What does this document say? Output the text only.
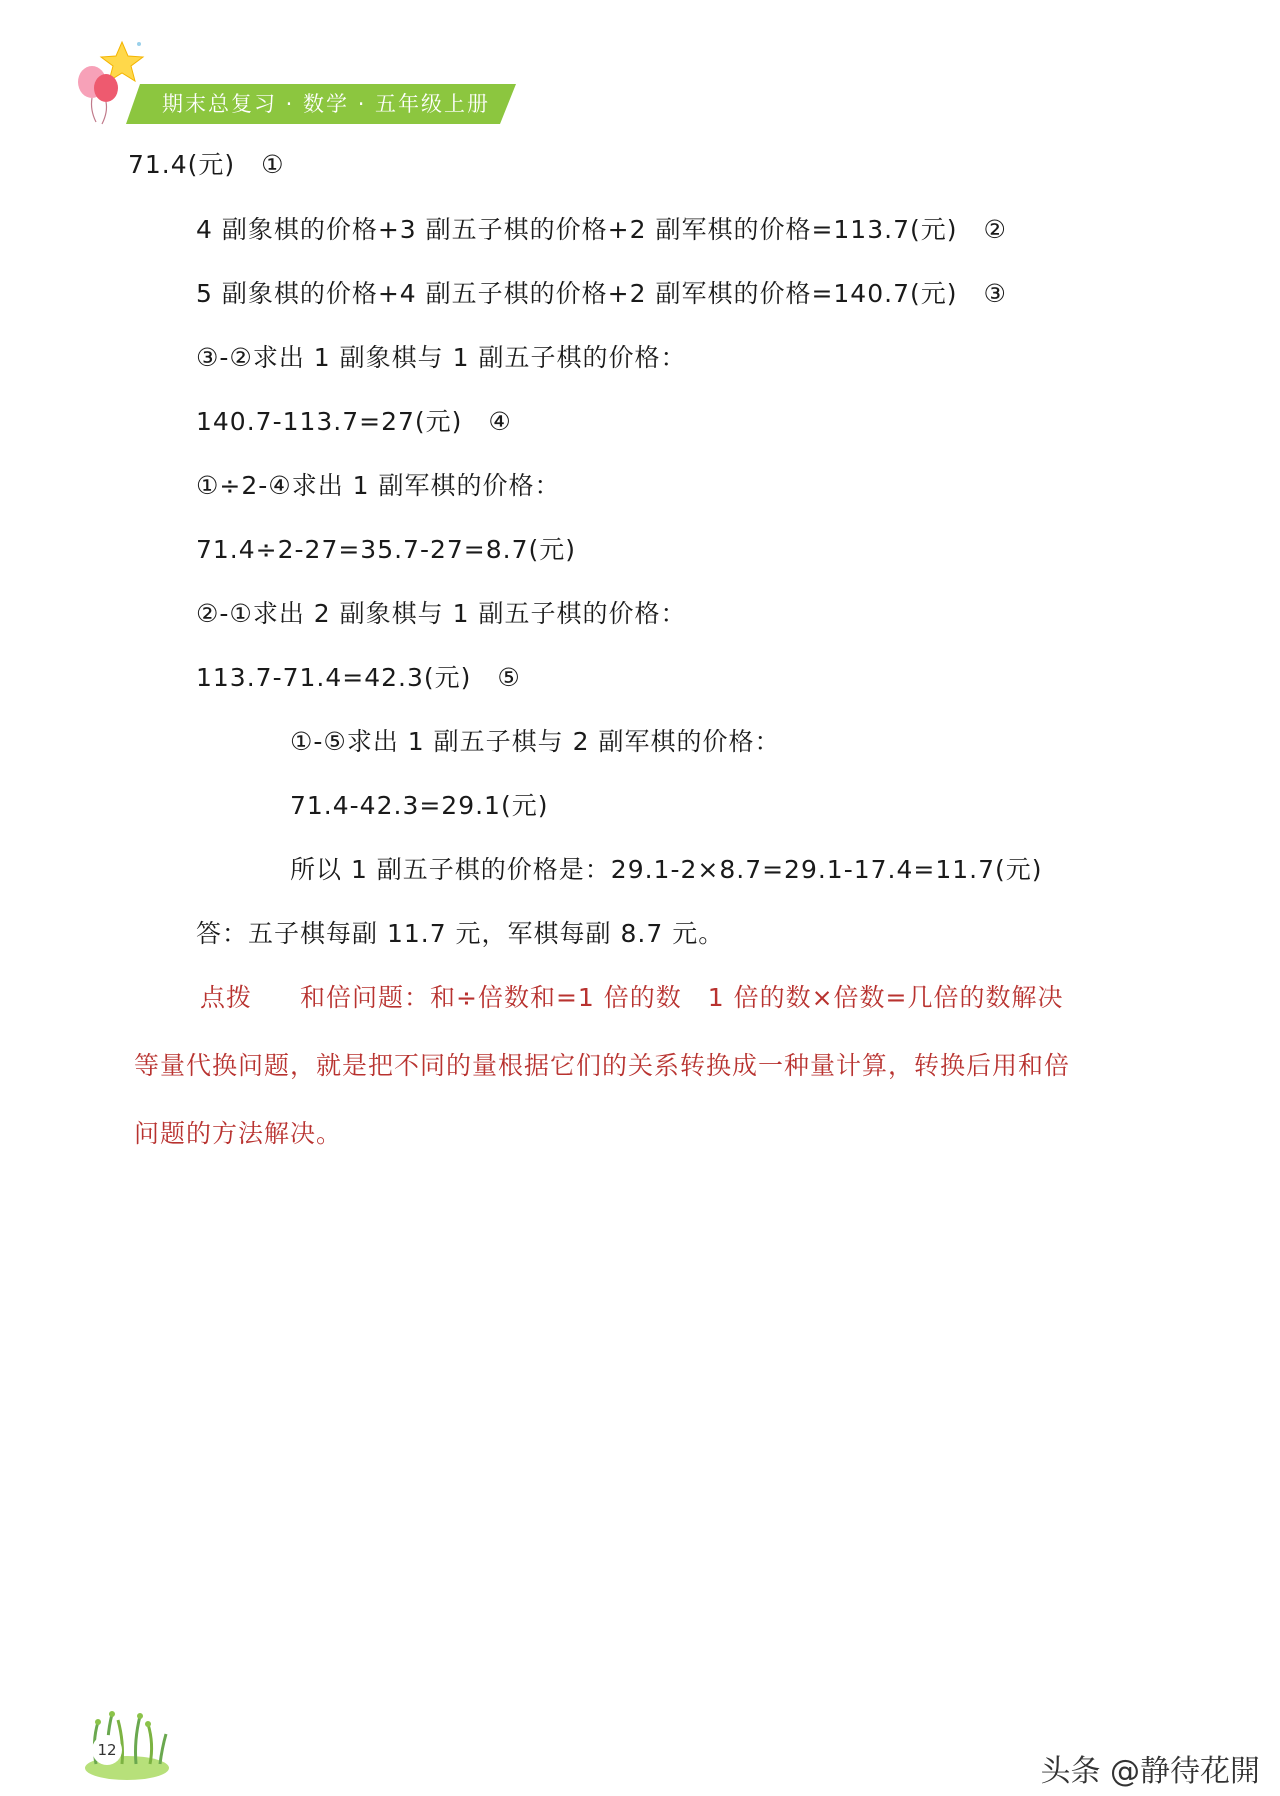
期末总复习 · 数学 · 五年级上册
71.4(元)　①
4 副象棋的价格+3 副五子棋的价格+2 副军棋的价格=113.7(元)　②
5 副象棋的价格+4 副五子棋的价格+2 副军棋的价格=140.7(元)　③
③-②求出 1 副象棋与 1 副五子棋的价格：
140.7-113.7=27(元)　④
①÷2-④求出 1 副军棋的价格：
71.4÷2-27=35.7-27=8.7(元)
②-①求出 2 副象棋与 1 副五子棋的价格：
113.7-71.4=42.3(元)　⑤
①-⑤求出 1 副五子棋与 2 副军棋的价格：
71.4-42.3=29.1(元)
所以 1 副五子棋的价格是：29.1-2×8.7=29.1-17.4=11.7(元)
答：五子棋每副 11.7 元，军棋每副 8.7 元。
点拨 和倍问题：和÷倍数和=1 倍的数　1 倍的数×倍数=几倍的数解决
等量代换问题，就是把不同的量根据它们的关系转换成一种量计算，转换后用和倍
问题的方法解决。
12
头条 @静待花開
